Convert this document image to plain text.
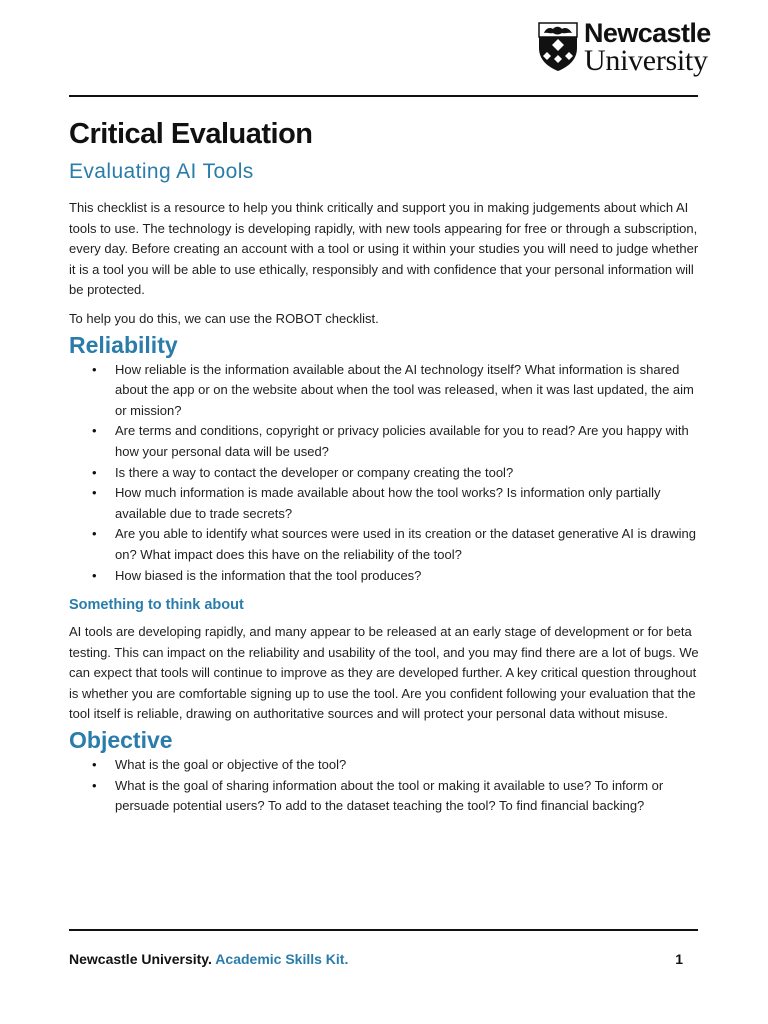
Newcastle
University
Critical Evaluation
Evaluating AI Tools

This checklist is a resource to help you think critically and support you in making judgements about which AI tools to use. The technology is developing rapidly, with new tools appearing for free or through a subscription, every day. Before creating an account with a tool or using it within your studies you will need to judge whether it is a tool you will be able to use ethically, responsibly and with confidence that your personal information will be protected.

To help you do this, we can use the ROBOT checklist.

Reliability
• How reliable is the information available about the AI technology itself? What information is shared about the app or on the website about when the tool was released, when it was last updated, the aim or mission?
• Are terms and conditions, copyright or privacy policies available for you to read? Are you happy with how your personal data will be used?
• Is there a way to contact the developer or company creating the tool?
• How much information is made available about how the tool works? Is information only partially available due to trade secrets?
• Are you able to identify what sources were used in its creation or the dataset generative AI is drawing on? What impact does this have on the reliability of the tool?
• How biased is the information that the tool produces?
Something to think about

AI tools are developing rapidly, and many appear to be released at an early stage of development or for beta testing. This can impact on the reliability and usability of the tool, and you may find there are a lot of bugs. We can expect that tools will continue to improve as they are developed further. A key critical question throughout is whether you are comfortable signing up to use the tool. Are you confident following your evaluation that the tool itself is reliable, drawing on authoritative sources and will protect your personal data without misuse.

Objective
• What is the goal or objective of the tool?
• What is the goal of sharing information about the tool or making it available to use? To inform or persuade potential users? To add to the dataset teaching the tool? To find financial backing?
Newcastle University. Academic Skills Kit.	1
